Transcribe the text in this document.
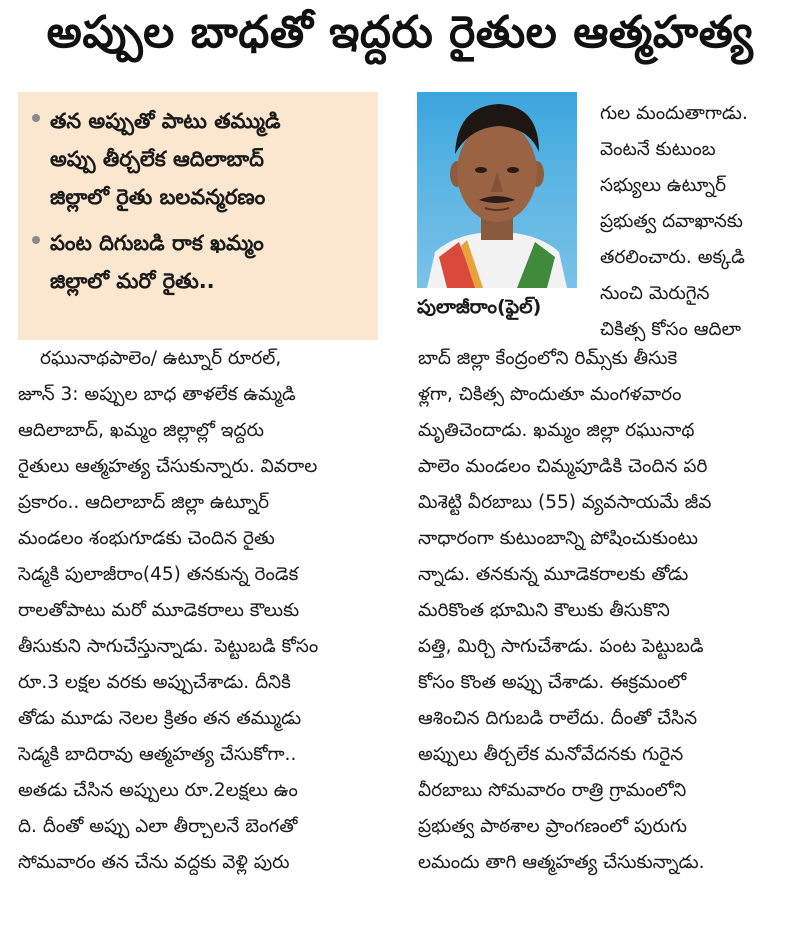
అప్పుల బాధతో ఇద్దరు రైతుల ఆత్మహత్య
తన అప్పుతో పాటు తమ్ముడి
అప్పు తీర్చలేక ఆదిలాబాద్
జిల్లాలో రైతు బలవన్మరణం
పంట దిగుబడి రాక ఖమ్మం
జిల్లాలో మరో రైతు..
పులాజీరాం(ఫైల్)
రఘునాథపాలెం/ ఉట్నూర్ రూరల్,
జూన్ 3: అప్పుల బాధ తాళలేక ఉమ్మడి
ఆదిలాబాద్, ఖమ్మం జిల్లాల్లో ఇద్దరు
రైతులు ఆత్మహత్య చేసుకున్నారు. వివరాల
ప్రకారం.. ఆదిలాబాద్ జిల్లా ఉట్నూర్
మండలం శంభుగూడకు చెందిన రైతు
సెడ్మకి పులాజీరాం(45) తనకున్న రెండెక
రాలతోపాటు మరో మూడెకరాలు కౌలుకు
తీసుకుని సాగుచేస్తున్నాడు. పెట్టుబడి కోసం
రూ.3 లక్షల వరకు అప్పుచేశాడు. దీనికి
తోడు మూడు నెలల క్రితం తన తమ్ముడు
సెడ్మకి బాదిరావు ఆత్మహత్య చేసుకోగా..
అతడు చేసిన అప్పులు రూ.2లక్షలు ఉం
ది. దీంతో అప్పు ఎలా తీర్చాలనే బెంగతో
సోమవారం తన చేను వద్దకు వెళ్లి పురు
గుల మందుతాగాడు.
వెంటనే కుటుంబ
సభ్యులు ఉట్నూర్
ప్రభుత్వ దవాఖానకు
తరలించారు. అక్కడి
నుంచి మెరుగైన
చికిత్స కోసం ఆదిలా
బాద్ జిల్లా కేంద్రంలోని రిమ్స్‌కు తీసుకె
ళ్లగా, చికిత్స పొందుతూ మంగళవారం
మృతిచెందాడు. ఖమ్మం జిల్లా రఘునాథ
పాలెం మండలం చిమ్మపూడికి చెందిన పరి
మిశెట్టి వీరబాబు (55) వ్యవసాయమే జీవ
నాధారంగా కుటుంబాన్ని పోషించుకుంటు
న్నాడు. తనకున్న మూడెకరాలకు తోడు
మరికొంత భూమిని కౌలుకు తీసుకొని
పత్తి, మిర్చి సాగుచేశాడు. పంట పెట్టుబడి
కోసం కొంత అప్పు చేశాడు. ఈక్రమంలో
ఆశించిన దిగుబడి రాలేదు. దీంతో చేసిన
అప్పులు తీర్చలేక మనోవేదనకు గురైన
వీరబాబు సోమవారం రాత్రి గ్రామంలోని
ప్రభుత్వ పాఠశాల ప్రాంగణంలో పురుగు
లమందు తాగి ఆత్మహత్య చేసుకున్నాడు.
